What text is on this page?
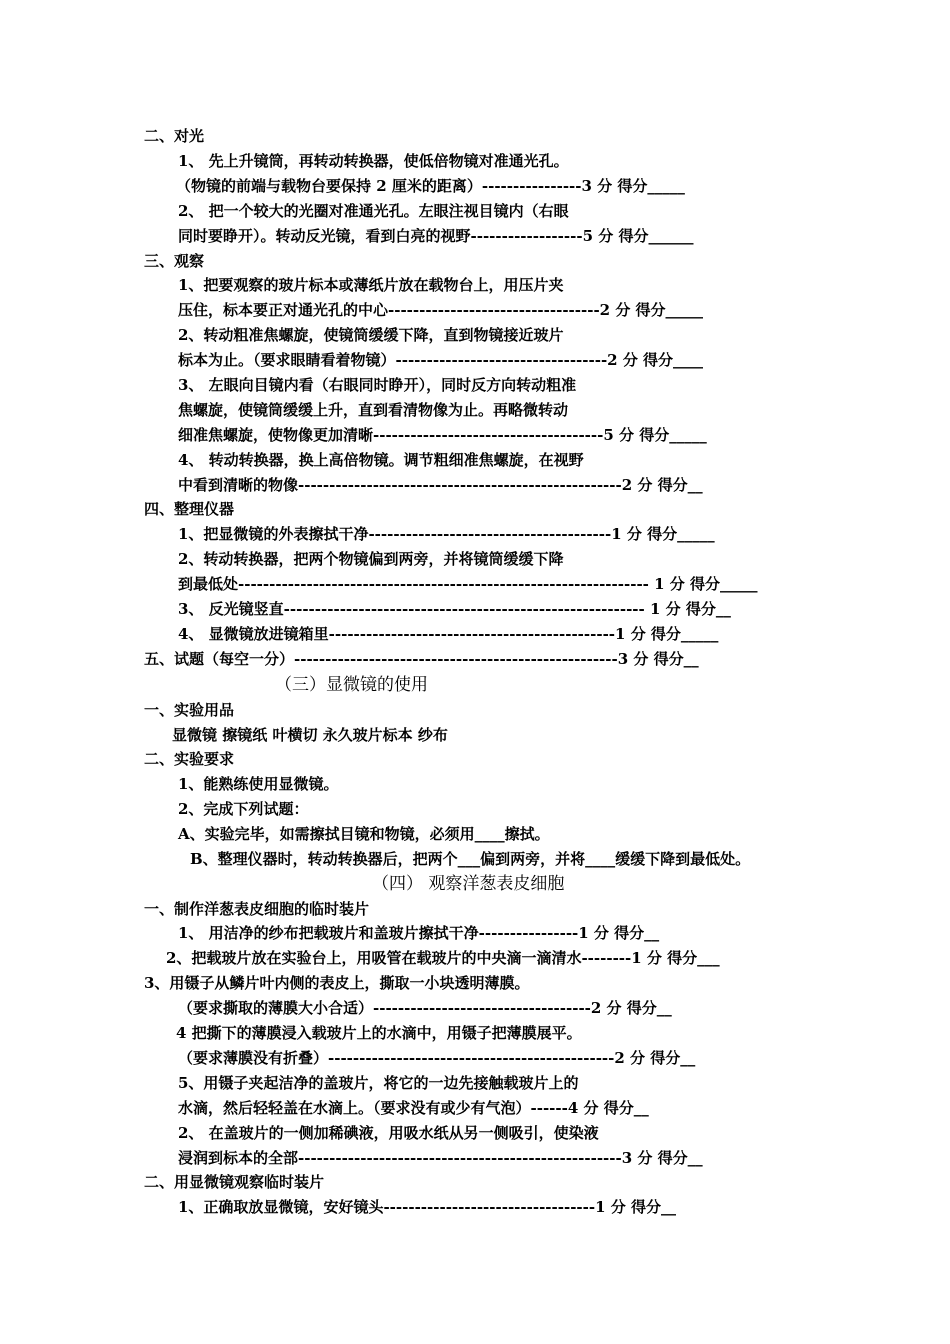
二、对光
1、 先上升镜筒，再转动转换器，使低倍物镜对准通光孔。
（物镜的前端与载物台要保持 2 厘米的距离）----------------3 分 得分_____
2、 把一个较大的光圈对准通光孔。左眼注视目镜内（右眼
同时要睁开）。转动反光镜，看到白亮的视野------------------5 分 得分______
三、观察
1、把要观察的玻片标本或薄纸片放在载物台上，用压片夹
压住，标本要正对通光孔的中心----------------------------------2 分 得分_____
2、转动粗准焦螺旋，使镜筒缓缓下降，直到物镜接近玻片
标本为止。（要求眼睛看着物镜）----------------------------------2 分 得分____
3、 左眼向目镜内看（右眼同时睁开），同时反方向转动粗准
焦螺旋，使镜筒缓缓上升，直到看清物像为止。再略微转动
细准焦螺旋，使物像更加清晰-------------------------------------5 分 得分_____
4、 转动转换器，换上高倍物镜。调节粗细准焦螺旋，在视野
中看到清晰的物像----------------------------------------------------2 分 得分__
四、整理仪器
1、把显微镜的外表擦拭干净---------------------------------------1 分 得分_____
2、转动转换器，把两个物镜偏到两旁，并将镜筒缓缓下降
到最低处------------------------------------------------------------------ 1 分 得分_____
3、 反光镜竖直---------------------------------------------------------- 1 分 得分__
4、 显微镜放进镜箱里----------------------------------------------1 分 得分_____
五、试题（每空一分）----------------------------------------------------3 分 得分__
（三）显微镜的使用
一、实验用品
显微镜 擦镜纸 叶横切 永久玻片标本 纱布
二、实验要求
1、能熟练使用显微镜。
2、完成下列试题：
A、实验完毕，如需擦拭目镜和物镜，必须用____擦拭。
B、整理仪器时，转动转换器后，把两个___偏到两旁，并将____缓缓下降到最低处。
（四） 观察洋葱表皮细胞
一、制作洋葱表皮细胞的临时装片
1、 用洁净的纱布把载玻片和盖玻片擦拭干净----------------1 分 得分__
2、把载玻片放在实验台上，用吸管在载玻片的中央滴一滴清水--------1 分 得分___
3、用镊子从鳞片叶内侧的表皮上，撕取一小块透明薄膜。
（要求撕取的薄膜大小合适）-----------------------------------2 分 得分__
4 把撕下的薄膜浸入载玻片上的水滴中，用镊子把薄膜展平。
（要求薄膜没有折叠）----------------------------------------------2 分 得分__
5、用镊子夹起洁净的盖玻片，将它的一边先接触载玻片上的
水滴，然后轻轻盖在水滴上。（要求没有或少有气泡）------4 分 得分__
2、 在盖玻片的一侧加稀碘液，用吸水纸从另一侧吸引，使染液
浸润到标本的全部----------------------------------------------------3 分 得分__
二、用显微镜观察临时装片
1、正确取放显微镜，安好镜头----------------------------------1 分 得分__
